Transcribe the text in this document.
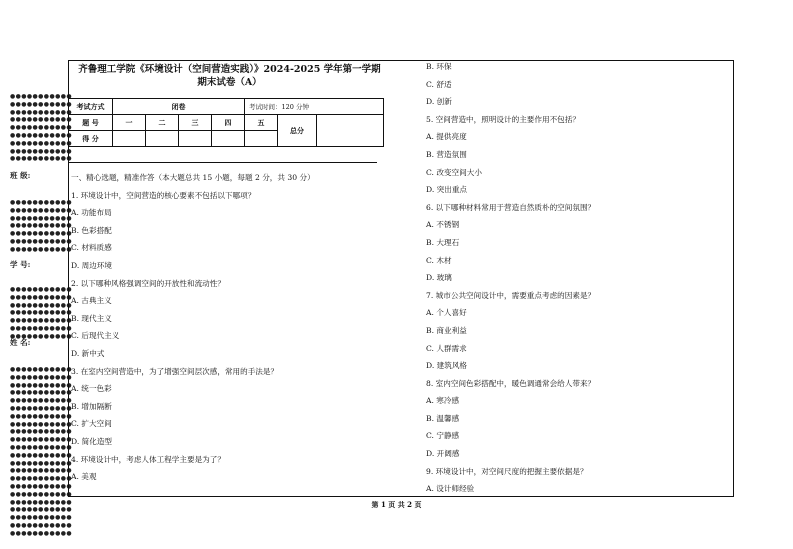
●●●●●●●●●●●
●●●●●●●●●●●
●●●●●●●●●●●
●●●●●●●●●●●
●●●●●●●●●●●
●●●●●●●●●●●
●●●●●●●●●●●
●●●●●●●●●●●
●●●●●●●●●●●
●●●●●●●●●●●
●●●●●●●●●●●
●●●●●●●●●●●
●●●●●●●●●●●
●●●●●●●●●●●
●●●●●●●●●●●
●●●●●●●●●●●
●●●●●●●●●●●
●●●●●●●●●●●
●●●●●●●●●●●
●●●●●●●●●●●
●●●●●●●●●●●
●●●●●●●●●●●
●●●●●●●●●●●
●●●●●●●●●●●
●●●●●●●●●●●
●●●●●●●●●●●
●●●●●●●●●●●
●●●●●●●●●●●
●●●●●●●●●●●
●●●●●●●●●●●
●●●●●●●●●●●
●●●●●●●●●●●
●●●●●●●●●●●
●●●●●●●●●●●
●●●●●●●●●●●
●●●●●●●●●●●
●●●●●●●●●●●
●●●●●●●●●●●
●●●●●●●●●●●
●●●●●●●●●●●
●●●●●●●●●●●
●●●●●●●●●●●
●●●●●●●●●●●
●●●●●●●●●●●
●●●●●●●●●●●
班 级:
学 号:
姓 名:
齐鲁理工学院《环境设计（空间营造实践）》2024-2025 学年第一学期
期末试卷（A）
考试方式	闭卷				考试时间：120 分钟		
题 号	一	二	三	四	五	总分	
得 分							
一、精心选题，精准作答（本大题总共 15 小题，每题 2 分，共 30 分）
1. 环境设计中，空间营造的核心要素不包括以下哪项？
A. 功能布局
B. 色彩搭配
C. 材料质感
D. 周边环境
2. 以下哪种风格强调空间的开放性和流动性？
A. 古典主义
B. 现代主义
C. 后现代主义
D. 新中式
3. 在室内空间营造中，为了增强空间层次感，常用的手法是？
A. 统一色彩
B. 增加隔断
C. 扩大空间
D. 简化造型
4. 环境设计中，考虑人体工程学主要是为了？
A. 美观
B. 环保
C. 舒适
D. 创新
5. 空间营造中，照明设计的主要作用不包括？
A. 提供亮度
B. 营造氛围
C. 改变空间大小
D. 突出重点
6. 以下哪种材料常用于营造自然质朴的空间氛围？
A. 不锈钢
B. 大理石
C. 木材
D. 玻璃
7. 城市公共空间设计中，需要重点考虑的因素是？
A. 个人喜好
B. 商业利益
C. 人群需求
D. 建筑风格
8. 室内空间色彩搭配中，暖色调通常会给人带来？
A. 寒冷感
B. 温馨感
C. 宁静感
D. 开阔感
9. 环境设计中，对空间尺度的把握主要依据是？
A. 设计师经验
第 1 页 共 2 页
